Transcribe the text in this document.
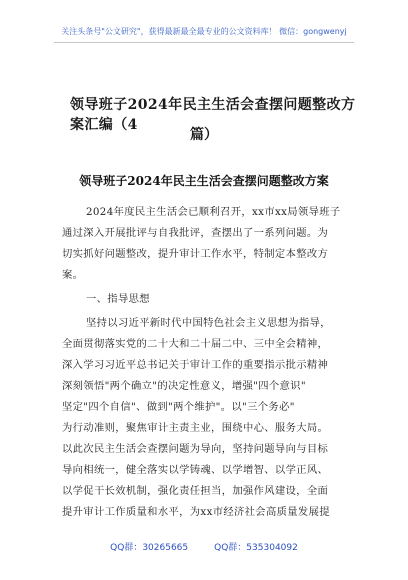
关注头条号"公文研究"，获得最新最全最专业的公文资料库！ 微信：gongwenyj
领导班子2024年民主生活会查摆问题整改方案汇编（4
篇）
领导班子2024年民主生活会查摆问题整改方案
2024年度民主生活会已顺利召开，xx市xx局领导班子
通过深入开展批评与自我批评，查摆出了一系列问题。为
切实抓好问题整改，提升审计工作水平，特制定本整改方
案。
一、指导思想
坚持以习近平新时代中国特色社会主义思想为指导，
全面贯彻落实党的二十大和二十届二中、三中全会精神，
深入学习习近平总书记关于审计工作的重要指示批示精神
深刻领悟"两个确立"的决定性意义，增强"四个意识"
坚定"四个自信"、做到"两个维护"。以"三个务必"
为行动准则，聚焦审计主责主业，围绕中心、服务大局。
以此次民主生活会查摆问题为导向，坚持问题导向与目标
导向相统一，健全落实以学铸魂、以学增智、以学正风、
以学促干长效机制，强化责任担当，加强作风建设，全面
提升审计工作质量和水平，为xx市经济社会高质量发展提
QQ群：30265665	QQ群：535304092
